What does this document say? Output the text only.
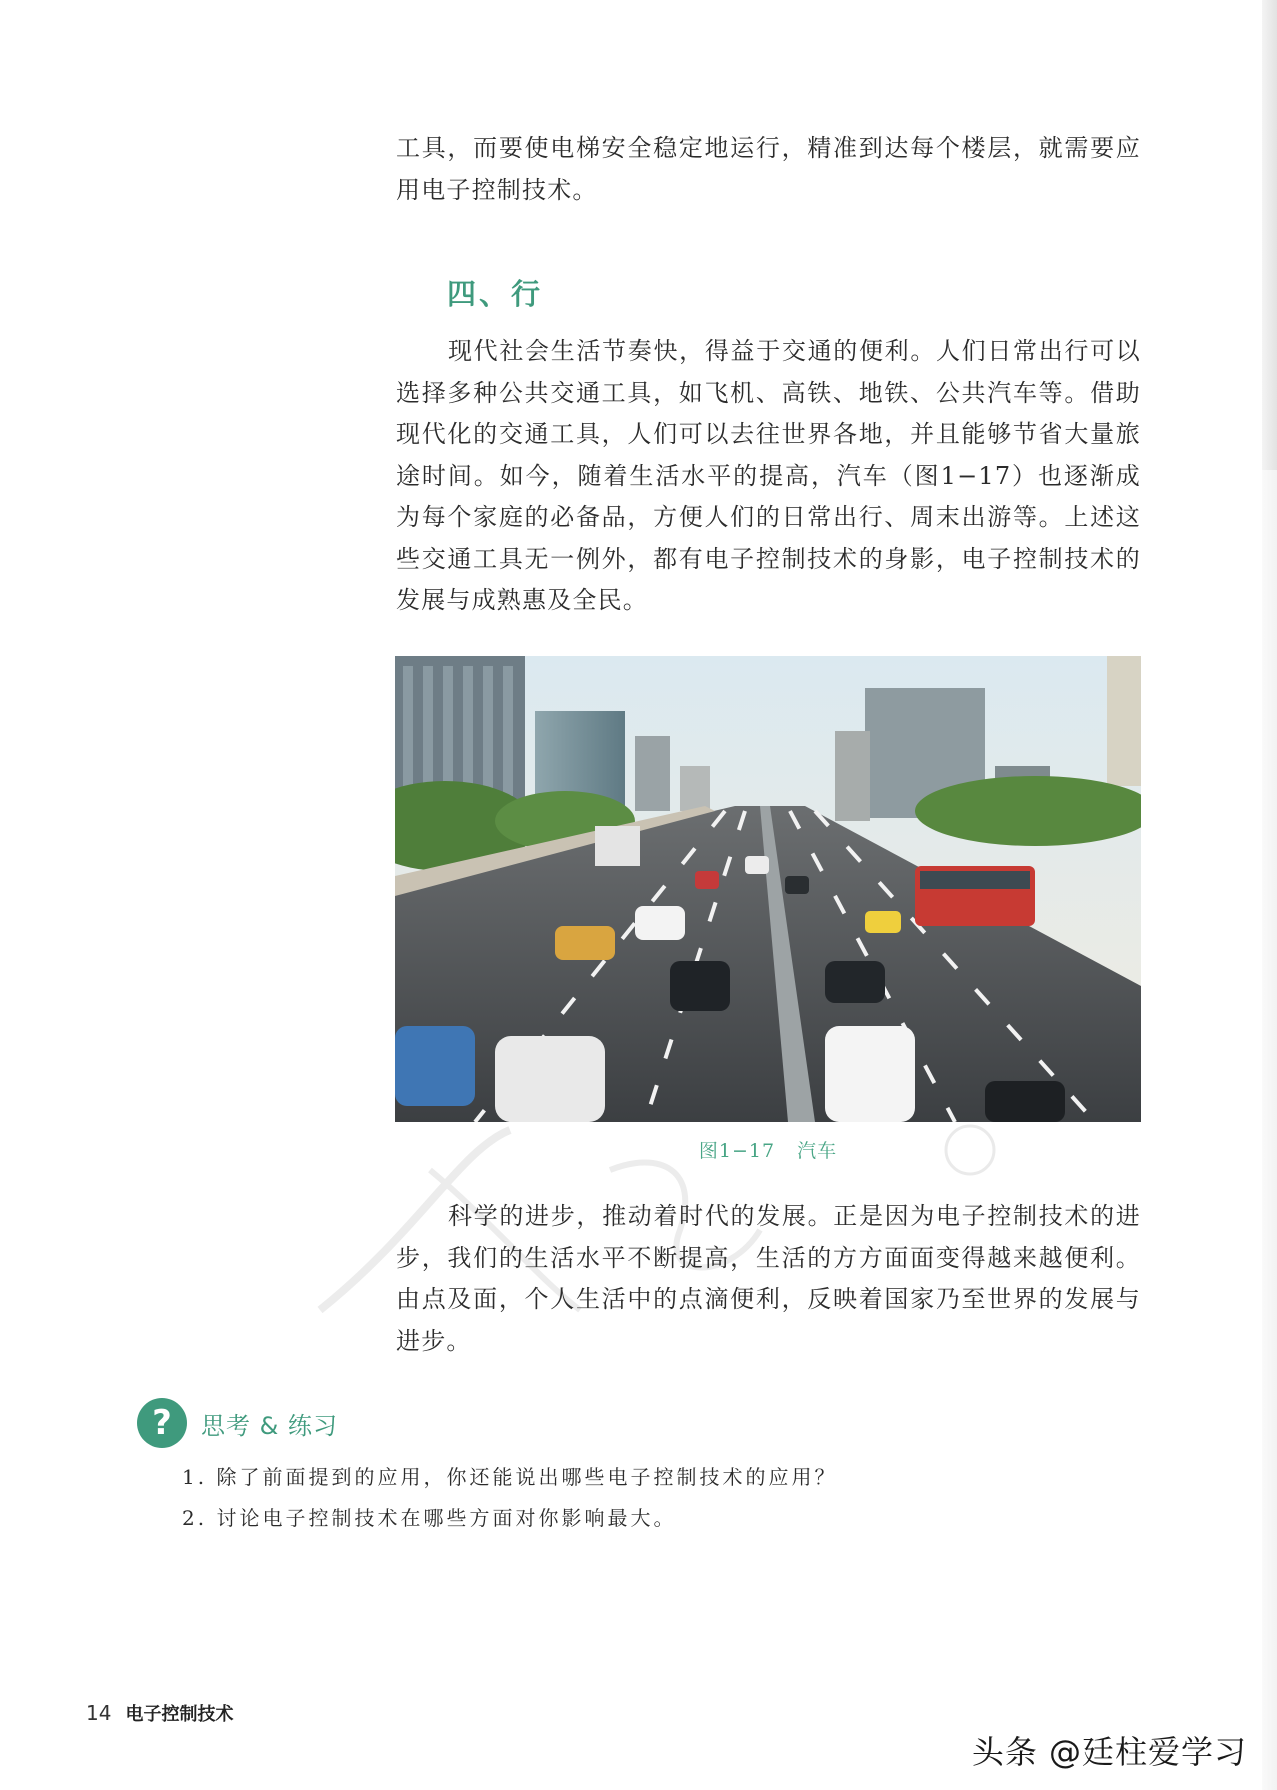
工具，而要使电梯安全稳定地运行，精准到达每个楼层，就需要应用电子控制技术。

四、行

现代社会生活节奏快，得益于交通的便利。人们日常出行可以选择多种公共交通工具，如飞机、高铁、地铁、公共汽车等。借助现代化的交通工具，人们可以去往世界各地，并且能够节省大量旅途时间。如今，随着生活水平的提高，汽车（图1−17）也逐渐成为每个家庭的必备品，方便人们的日常出行、周末出游等。上述这些交通工具无一例外，都有电子控制技术的身影，电子控制技术的发展与成熟惠及全民。

图1−17 汽车

科学的进步，推动着时代的发展。正是因为电子控制技术的进步，我们的生活水平不断提高，生活的方方面面变得越来越便利。由点及面，个人生活中的点滴便利，反映着国家乃至世界的发展与进步。

?	思考 & 练习
1. 除了前面提到的应用，你还能说出哪些电子控制技术的应用？
2. 讨论电子控制技术在哪些方面对你影响最大。
14 电子控制技术
头条 @廷柱爱学习
